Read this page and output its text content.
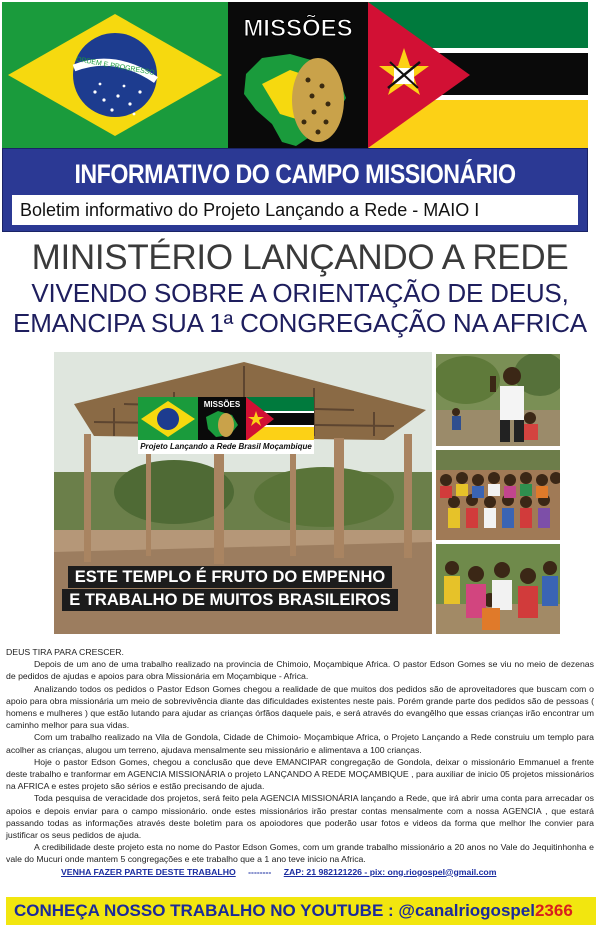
ORDEM E PROGRESSO
MISSÕES
INFORMATIVO DO CAMPO MISSIONÁRIO
Boletim informativo do Projeto Lançando a Rede - MAIO I
MINISTÉRIO LANÇANDO A REDE
VIVENDO SOBRE A ORIENTAÇÃO DE DEUS,
EMANCIPA SUA 1ª CONGREGAÇÃO NA AFRICA
MISSÕES
Projeto Lançando a Rede Brasil Moçambique
ESTE TEMPLO É FRUTO DO EMPENHO
E TRABALHO DE MUITOS BRASILEIROS

DEUS TIRA PARA CRESCER.

Depois de um ano de uma trabalho realizado na provincia de Chimoio, Moçambique Africa. O pastor Edson Gomes se viu no meio de dezenas de pedidos de ajudas e apoios para obra Missionária em Moçambique - Africa.

Analizando todos os pedidos o Pastor Edson Gomes chegou a realidade de que muitos dos pedidos são de aproveitadores que buscam com o apoio para obra missionária um meio de sobrevivência diante das dificuldades existentes neste pais. Porém grande parte dos pedidos são de pessoas ( homens e mulheres ) que estão lutando para ajudar as crianças órfãos daquele pais, e será através do evangêlho que essas crianças irão encontrar um caminho melhor para sua vidas.

Com um trabalho realizado na Vila de Gondola, Cidade de Chimoio- Moçambique Africa, o Projeto Lançando a Rede construiu um templo para acolher as crianças, alugou um terreno, ajudava mensalmente seu missionário e alimentava a 100 crianças.

Hoje o pastor Edson Gomes, chegou a conclusão que deve EMANCIPAR congregação de Gondola, deixar o missionário Emmanuel a frente deste trabalho e tranformar em AGENCIA MISSIONÁRIA o projeto LANÇANDO A REDE MOÇAMBIQUE , para auxiliar de inicio 05 projetos missionários na AFRICA e estes projeto são sérios e estão precisando de ajuda.

Toda pesquisa de veracidade dos projetos, será feito pela AGENCIA MISSIONÁRIA lançando a Rede, que irá abrir uma conta para arrecadar os apoios e depois enviar para o campo missionário. onde estes missionários irão prestar contas mensalmente com a nossa AGENCIA , que estará passando todas as informações através deste boletim para os apoiodores que poderão usar fotos e videos da forma que melhor lhe convier para justificar os seus pedidos de ajuda.

A credibilidade deste projeto esta no nome do Pastor Edson Gomes, com um grande trabalho missionário a 20 anos no Vale do Jequitinhonha e vale do Mucuri onde mantem 5 congregações e ete trabalho que a 1 ano teve inicio na Africa.

VENHA FAZER PARTE DESTE TRABALHO -------- ZAP: 21 982121226 - pix: ong.riogospel@gmail.com

CONHEÇA NOSSO TRABALHO NO YOUTUBE : @canalriogospel2366
